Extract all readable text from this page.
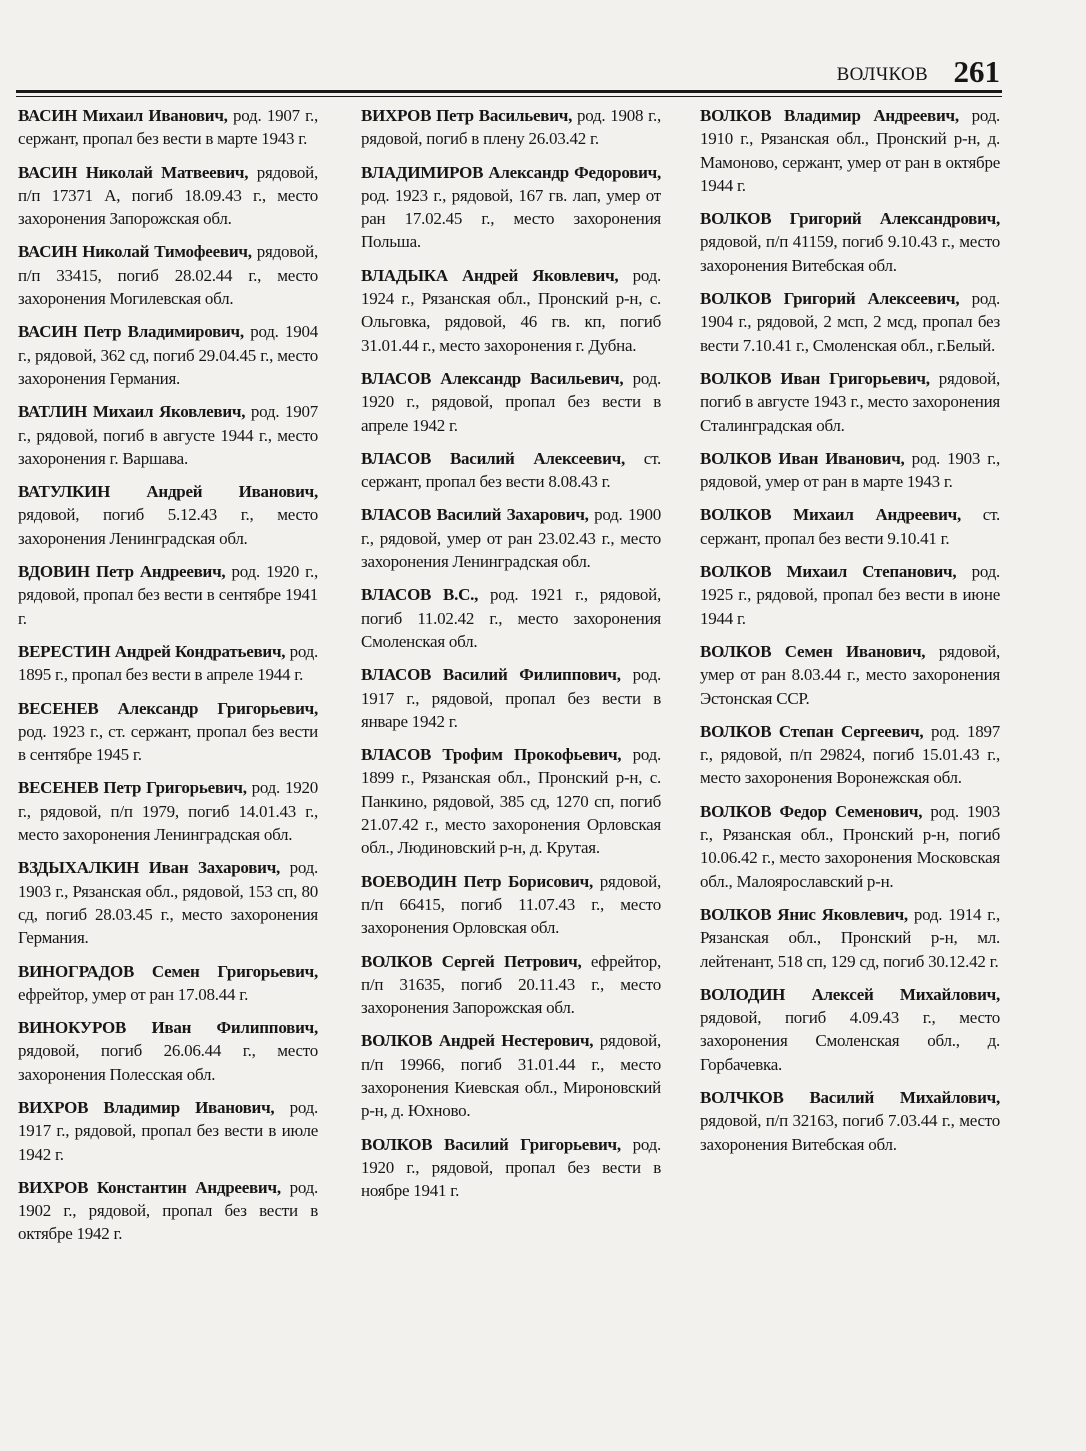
ВОЛЧКОВ 261

ВАСИН Михаил Иванович, род. 1907 г., сержант, пропал без вести в марте 1943 г.

ВАСИН Николай Матвеевич, рядовой, п/п 17371 А, погиб 18.09.43 г., место захоронения Запорожская обл.

ВАСИН Николай Тимофеевич, рядовой, п/п 33415, погиб 28.02.44 г., место захоронения Могилевская обл.

ВАСИН Петр Владимирович, род. 1904 г., рядовой, 362 сд, погиб 29.04.45 г., место захоронения Германия.

ВАТЛИН Михаил Яковлевич, род. 1907 г., рядовой, погиб в августе 1944 г., место захоронения г. Варшава.

ВАТУЛКИН Андрей Иванович, рядовой, погиб 5.12.43 г., место захоронения Ленинградская обл.

ВДОВИН Петр Андреевич, род. 1920 г., рядовой, пропал без вести в сентябре 1941 г.

ВЕРЕСТИН Андрей Кондратьевич, род. 1895 г., пропал без вести в апреле 1944 г.

ВЕСЕНЕВ Александр Григорьевич, род. 1923 г., ст. сержант, пропал без вести в сентябре 1945 г.

ВЕСЕНЕВ Петр Григорьевич, род. 1920 г., рядовой, п/п 1979, погиб 14.01.43 г., место захоронения Ленинградская обл.

ВЗДЫХАЛКИН Иван Захарович, род. 1903 г., Рязанская обл., рядовой, 153 сп, 80 сд, погиб 28.03.45 г., место захоронения Германия.

ВИНОГРАДОВ Семен Григорьевич, ефрейтор, умер от ран 17.08.44 г.

ВИНОКУРОВ Иван Филиппович, рядовой, погиб 26.06.44 г., место захоронения Полесская обл.

ВИХРОВ Владимир Иванович, род. 1917 г., рядовой, пропал без вести в июле 1942 г.

ВИХРОВ Константин Андреевич, род. 1902 г., рядовой, пропал без вести в октябре 1942 г.

ВИХРОВ Петр Васильевич, род. 1908 г., рядовой, погиб в плену 26.03.42 г.

ВЛАДИМИРОВ Александр Федорович, род. 1923 г., рядовой, 167 гв. лап, умер от ран 17.02.45 г., место захоронения Польша.

ВЛАДЫКА Андрей Яковлевич, род. 1924 г., Рязанская обл., Пронский р-н, с. Ольговка, рядовой, 46 гв. кп, погиб 31.01.44 г., место захоронения г. Дубна.

ВЛАСОВ Александр Васильевич, род. 1920 г., рядовой, пропал без вести в апреле 1942 г.

ВЛАСОВ Василий Алексеевич, ст. сержант, пропал без вести 8.08.43 г.

ВЛАСОВ Василий Захарович, род. 1900 г., рядовой, умер от ран 23.02.43 г., место захоронения Ленинградская обл.

ВЛАСОВ В.С., род. 1921 г., рядовой, погиб 11.02.42 г., место захоронения Смоленская обл.

ВЛАСОВ Василий Филиппович, род. 1917 г., рядовой, пропал без вести в январе 1942 г.

ВЛАСОВ Трофим Прокофьевич, род. 1899 г., Рязанская обл., Пронский р-н, с. Панкино, рядовой, 385 сд, 1270 сп, погиб 21.07.42 г., место захоронения Орловская обл., Людиновский р-н, д. Крутая.

ВОЕВОДИН Петр Борисович, рядовой, п/п 66415, погиб 11.07.43 г., место захоронения Орловская обл.

ВОЛКОВ Сергей Петрович, ефрейтор, п/п 31635, погиб 20.11.43 г., место захоронения Запорожская обл.

ВОЛКОВ Андрей Нестерович, рядовой, п/п 19966, погиб 31.01.44 г., место захоронения Киевская обл., Мироновский р-н, д. Юхново.

ВОЛКОВ Василий Григорьевич, род. 1920 г., рядовой, пропал без вести в ноябре 1941 г.

ВОЛКОВ Владимир Андреевич, род. 1910 г., Рязанская обл., Пронский р-н, д. Мамоново, сержант, умер от ран в октябре 1944 г.

ВОЛКОВ Григорий Александрович, рядовой, п/п 41159, погиб 9.10.43 г., место захоронения Витебская обл.

ВОЛКОВ Григорий Алексеевич, род. 1904 г., рядовой, 2 мсп, 2 мсд, пропал без вести 7.10.41 г., Смоленская обл., г.Белый.

ВОЛКОВ Иван Григорьевич, рядовой, погиб в августе 1943 г., место захоронения Сталинградская обл.

ВОЛКОВ Иван Иванович, род. 1903 г., рядовой, умер от ран в марте 1943 г.

ВОЛКОВ Михаил Андреевич, ст. сержант, пропал без вести 9.10.41 г.

ВОЛКОВ Михаил Степанович, род. 1925 г., рядовой, пропал без вести в июне 1944 г.

ВОЛКОВ Семен Иванович, рядовой, умер от ран 8.03.44 г., место захоронения Эстонская ССР.

ВОЛКОВ Степан Сергеевич, род. 1897 г., рядовой, п/п 29824, погиб 15.01.43 г., место захоронения Воронежская обл.

ВОЛКОВ Федор Семенович, род. 1903 г., Рязанская обл., Пронский р-н, погиб 10.06.42 г., место захоронения Московская обл., Малоярославский р-н.

ВОЛКОВ Янис Яковлевич, род. 1914 г., Рязанская обл., Пронский р-н, мл. лейтенант, 518 сп, 129 сд, погиб 30.12.42 г.

ВОЛОДИН Алексей Михайлович, рядовой, погиб 4.09.43 г., место захоронения Смоленская обл., д. Горбачевка.

ВОЛЧКОВ Василий Михайлович, рядовой, п/п 32163, погиб 7.03.44 г., место захоронения Витебская обл.
